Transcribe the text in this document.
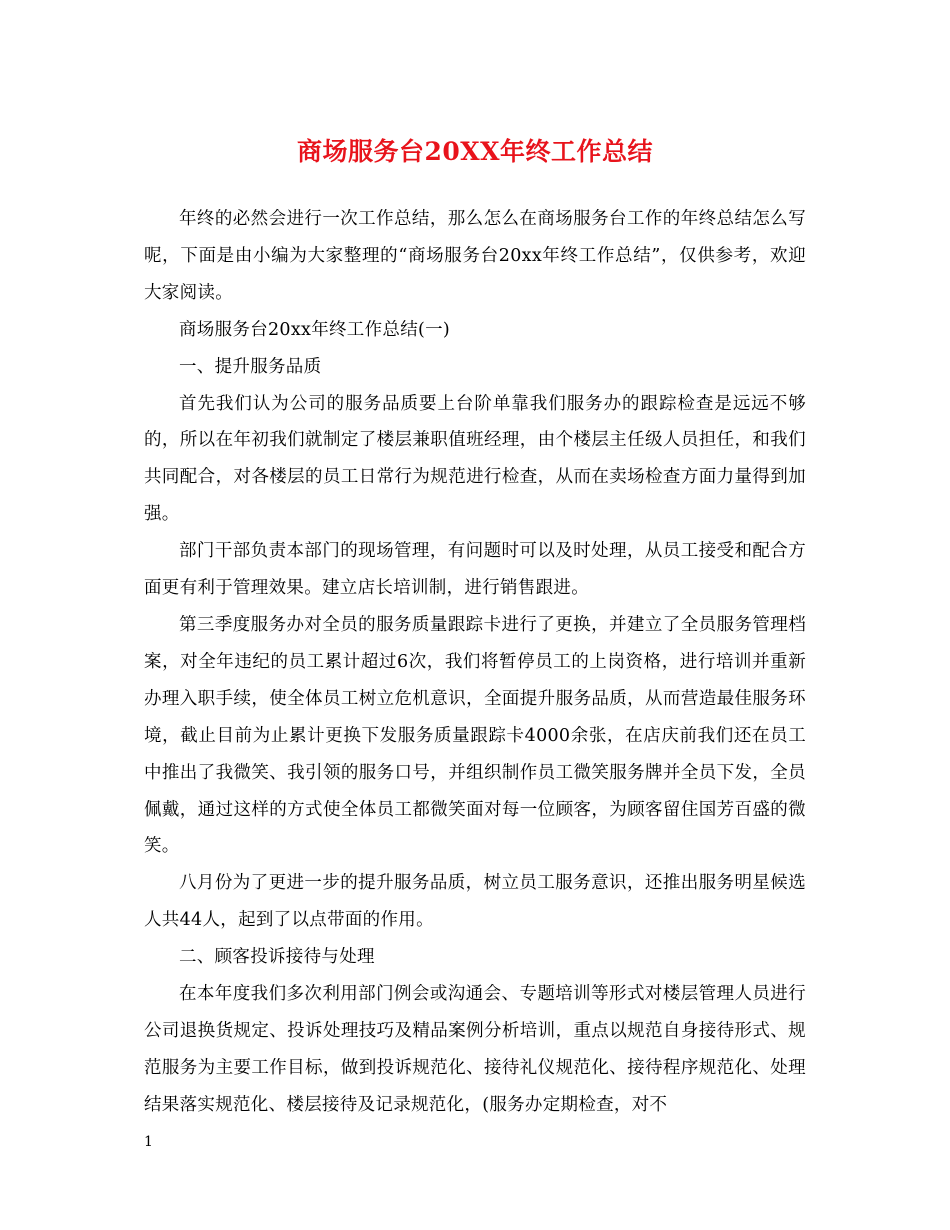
商场服务台20XX年终工作总结

年终的必然会进行一次工作总结，那么怎么在商场服务台工作的年终总结怎么写呢，下面是由小编为大家整理的“商场服务台20xx年终工作总结”，仅供参考，欢迎大家阅读。

商场服务台20xx年终工作总结(一)

一、提升服务品质

首先我们认为公司的服务品质要上台阶单靠我们服务办的跟踪检查是远远不够的，所以在年初我们就制定了楼层兼职值班经理，由个楼层主任级人员担任，和我们共同配合，对各楼层的员工日常行为规范进行检查，从而在卖场检查方面力量得到加强。

部门干部负责本部门的现场管理，有问题时可以及时处理，从员工接受和配合方面更有利于管理效果。建立店长培训制，进行销售跟进。

第三季度服务办对全员的服务质量跟踪卡进行了更换，并建立了全员服务管理档案，对全年违纪的员工累计超过6次，我们将暂停员工的上岗资格，进行培训并重新办理入职手续，使全体员工树立危机意识，全面提升服务品质，从而营造最佳服务环境，截止目前为止累计更换下发服务质量跟踪卡4000余张，在店庆前我们还在员工中推出了我微笑、我引领的服务口号，并组织制作员工微笑服务牌并全员下发，全员佩戴，通过这样的方式使全体员工都微笑面对每一位顾客，为顾客留住国芳百盛的微笑。

八月份为了更进一步的提升服务品质，树立员工服务意识，还推出服务明星候选人共44人，起到了以点带面的作用。

二、顾客投诉接待与处理

在本年度我们多次利用部门例会或沟通会、专题培训等形式对楼层管理人员进行公司退换货规定、投诉处理技巧及精品案例分析培训，重点以规范自身接待形式、规范服务为主要工作目标，做到投诉规范化、接待礼仪规范化、接待程序规范化、处理结果落实规范化、楼层接待及记录规范化，(服务办定期检查，对不

1
